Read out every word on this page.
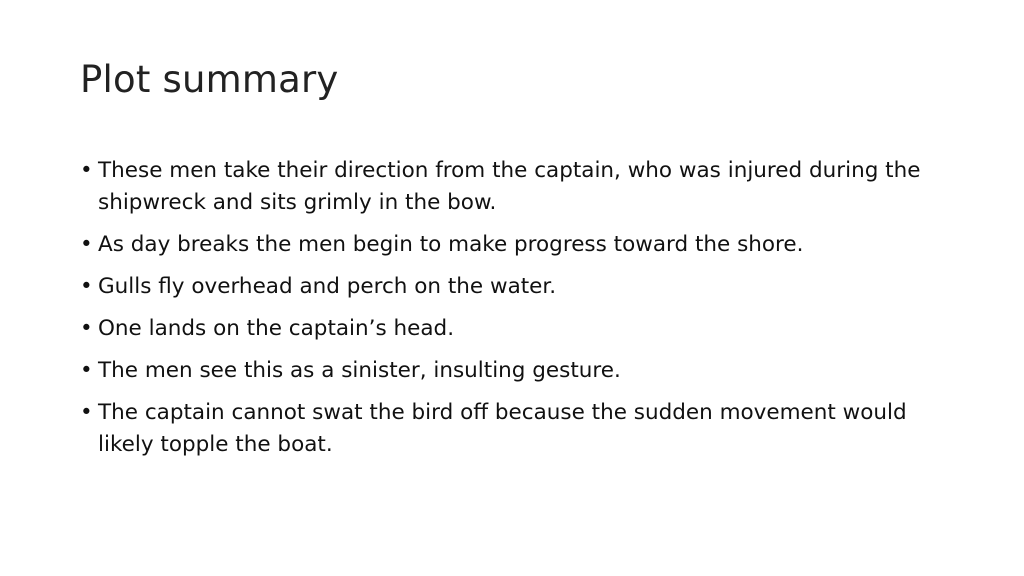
Plot summary
• These men take their direction from the captain, who was injured during the shipwreck and sits grimly in the bow.
• As day breaks the men begin to make progress toward the shore.
• Gulls fly overhead and perch on the water.
• One lands on the captain’s head.
• The men see this as a sinister, insulting gesture.
• The captain cannot swat the bird off because the sudden movement would likely topple the boat.
